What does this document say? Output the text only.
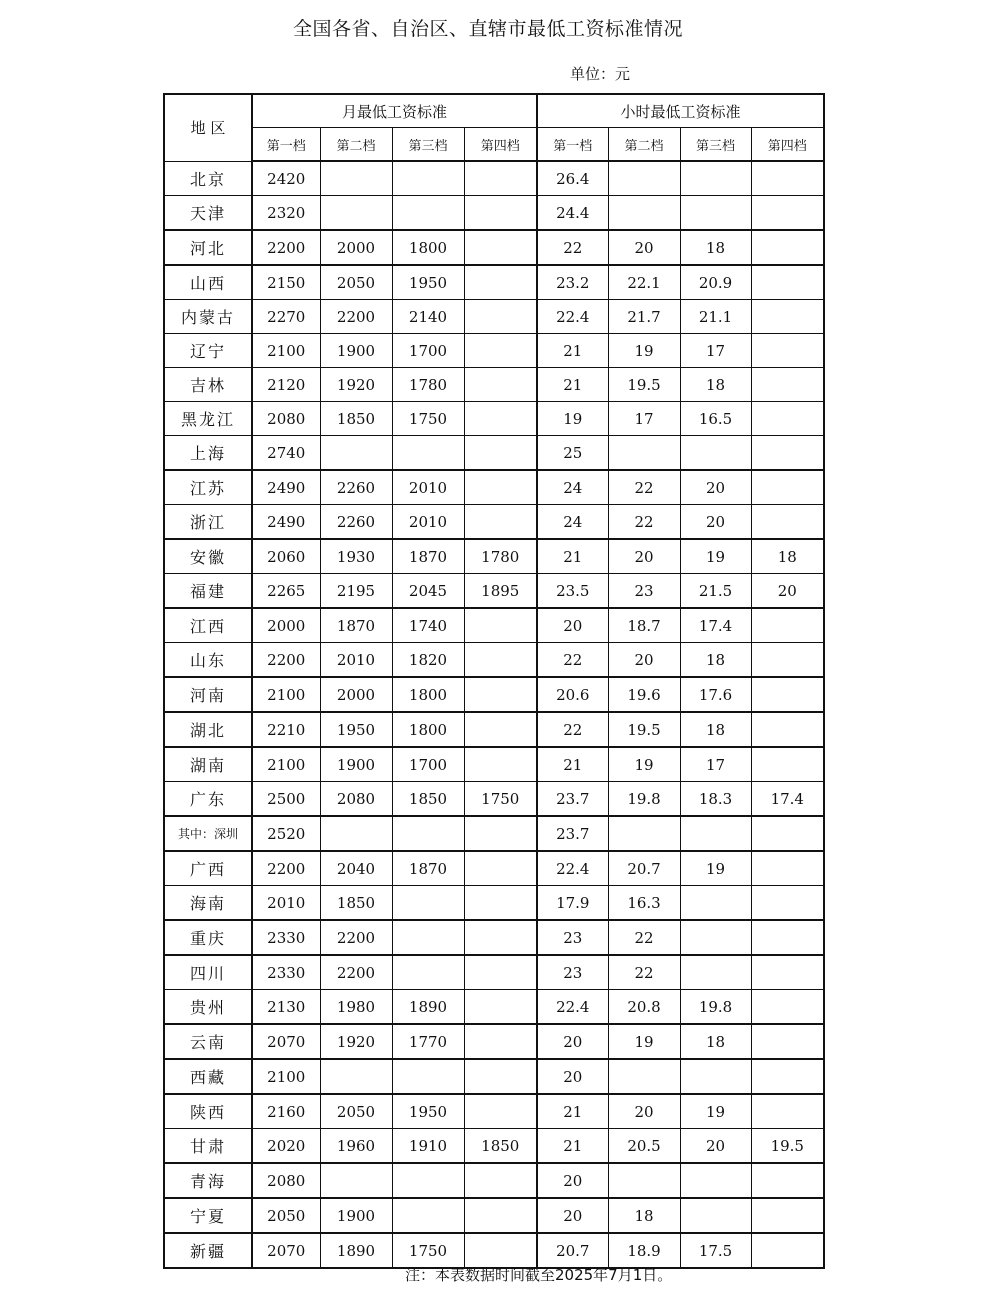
全国各省、自治区、直辖市最低工资标准情况
单位：元
地 区	月最低工资标准				小时最低工资标准			
	第一档	第二档	第三档	第四档	第一档	第二档	第三档	第四档
北京	2420				26.4			
天津	2320				24.4			
河北	2200	2000	1800		22	20	18	
山西	2150	2050	1950		23.2	22.1	20.9	
内蒙古	2270	2200	2140		22.4	21.7	21.1	
辽宁	2100	1900	1700		21	19	17	
吉林	2120	1920	1780		21	19.5	18	
黑龙江	2080	1850	1750		19	17	16.5	
上海	2740				25			
江苏	2490	2260	2010		24	22	20	
浙江	2490	2260	2010		24	22	20	
安徽	2060	1930	1870	1780	21	20	19	18
福建	2265	2195	2045	1895	23.5	23	21.5	20
江西	2000	1870	1740		20	18.7	17.4	
山东	2200	2010	1820		22	20	18	
河南	2100	2000	1800		20.6	19.6	17.6	
湖北	2210	1950	1800		22	19.5	18	
湖南	2100	1900	1700		21	19	17	
广东	2500	2080	1850	1750	23.7	19.8	18.3	17.4
其中：深圳	2520				23.7			
广西	2200	2040	1870		22.4	20.7	19	
海南	2010	1850			17.9	16.3		
重庆	2330	2200			23	22		
四川	2330	2200			23	22		
贵州	2130	1980	1890		22.4	20.8	19.8	
云南	2070	1920	1770		20	19	18	
西藏	2100				20			
陕西	2160	2050	1950		21	20	19	
甘肃	2020	1960	1910	1850	21	20.5	20	19.5
青海	2080				20			
宁夏	2050	1900			20	18		
新疆	2070	1890	1750		20.7	18.9	17.5	
注：本表数据时间截至2025年7月1日。
